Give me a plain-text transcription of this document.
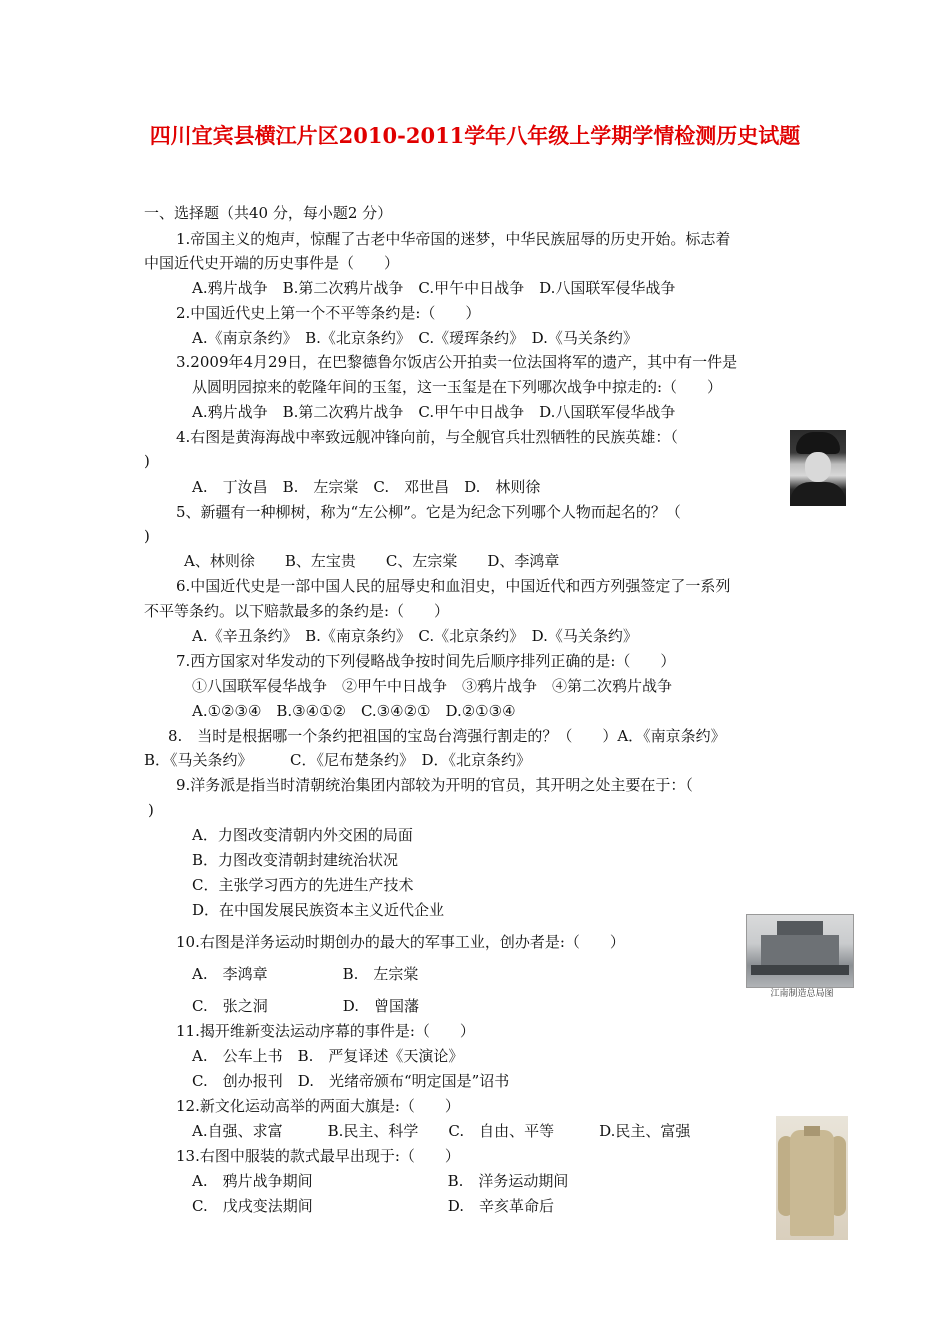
四川宜宾县横江片区2010-2011学年八年级上学期学情检测历史试题
一、选择题（共40 分，每小题2 分）
1.帝国主义的炮声，惊醒了古老中华帝国的迷梦，中华民族屈辱的历史开始。标志着
中国近代史开端的历史事件是（　　）
A.鸦片战争　B.第二次鸦片战争　C.甲午中日战争　D.八国联军侵华战争
2.中国近代史上第一个不平等条约是:（　　）
A.《南京条约》　B.《北京条约》　C.《瑷珲条约》　D.《马关条约》
3.2009年4月29日，在巴黎德鲁尔饭店公开拍卖一位法国将军的遗产，其中有一件是
从圆明园掠来的乾隆年间的玉玺，这一玉玺是在下列哪次战争中掠走的:（　　）
A.鸦片战争　B.第二次鸦片战争　C.甲午中日战争　D.八国联军侵华战争
4.右图是黄海海战中率致远舰冲锋向前，与全舰官兵壮烈牺牲的民族英雄：（
)
A.　丁汝昌　B.　左宗棠　C.　邓世昌　D.　林则徐
5、新疆有一种柳树，称为“左公柳”。它是为纪念下列哪个人物而起名的？（
)
A、林则徐　　B、左宝贵　　C、左宗棠　　D、李鸿章
6.中国近代史是一部中国人民的屈辱史和血泪史，中国近代和西方列强签定了一系列
不平等条约。以下赔款最多的条约是:（　　）
A.《辛丑条约》　B.《南京条约》　C.《北京条约》　D.《马关条约》
7.西方国家对华发动的下列侵略战争按时间先后顺序排列正确的是:（　　）
①八国联军侵华战争　②甲午中日战争　③鸦片战争　④第二次鸦片战争
A.①②③④　B.③④①②　C.③④②①　D.②①③④
8.　当时是根据哪一个条约把祖国的宝岛台湾强行割走的？（　　）A．《南京条约》
B．《马关条约》　　　C．《尼布楚条约》　D．《北京条约》
9.洋务派是指当时清朝统治集团内部较为开明的官员，其开明之处主要在于：（
)
A．力图改变清朝内外交困的局面
B．力图改变清朝封建统治状况
C．主张学习西方的先进生产技术
D．在中国发展民族资本主义近代企业
10.右图是洋务运动时期创办的最大的军事工业，创办者是:（　　）
A.　李鸿章　　　　　B.　左宗棠
C.　张之洞　　　　　D.　曾国藩
11.揭开维新变法运动序幕的事件是:（　　）
A.　公车上书　B.　严复译述《天演论》
C.　创办报刊　D.　光绪帝颁布“明定国是”诏书
12.新文化运动高举的两面大旗是:（　　）
A.自强、求富　　　B.民主、科学　　C.　自由、平等　　　D.民主、富强
13.右图中服装的款式最早出现于:（　　）
A.　鸦片战争期间　　　　　　　　　B.　洋务运动期间
C.　戊戌变法期间　　　　　　　　　D.　辛亥革命后
江南制造总局图
